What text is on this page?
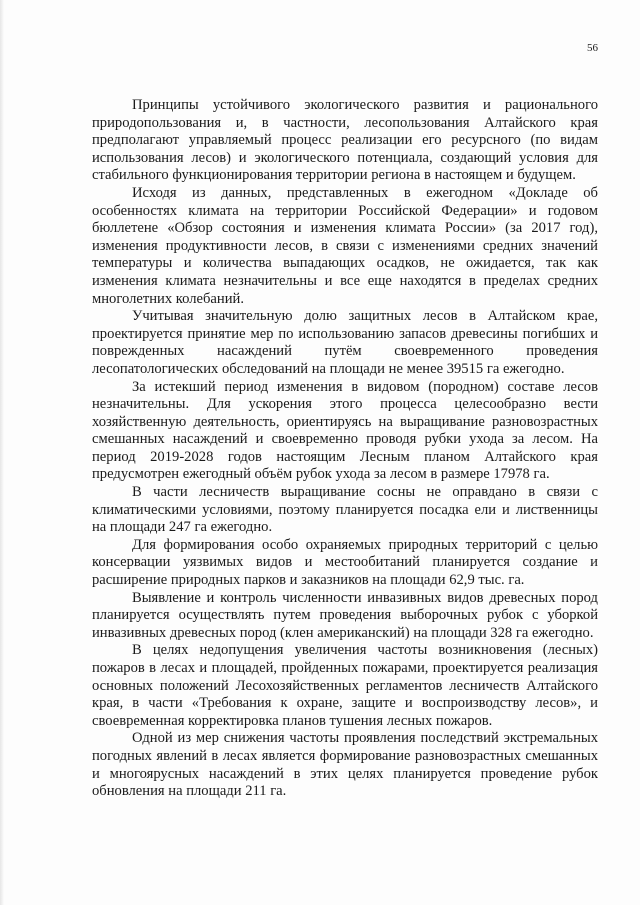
56

Принципы устойчивого экологического развития и рационального природопользования и, в частности, лесопользования Алтайского края предполагают управляемый процесс реализации его ресурсного (по видам использования лесов) и экологического потенциала, создающий условия для стабильного функционирования территории региона в настоящем и будущем.

Исходя из данных, представленных в ежегодном «Докладе об особенностях климата на территории Российской Федерации» и годовом бюллетене «Обзор состояния и изменения климата России» (за 2017 год), изменения продуктивности лесов, в связи с изменениями средних значений температуры и количества выпадающих осадков, не ожидается, так как изменения климата незначительны и все еще находятся в пределах средних многолетних колебаний.

Учитывая значительную долю защитных лесов в Алтайском крае, проектируется принятие мер по использованию запасов древесины погибших и поврежденных насаждений путём своевременного проведения лесопатологических обследований на площади не менее 39515 га ежегодно.

За истекший период изменения в видовом (породном) составе лесов незначительны. Для ускорения этого процесса целесообразно вести хозяйственную деятельность, ориентируясь на выращивание разновозрастных смешанных насаждений и своевременно проводя рубки ухода за лесом. На период 2019-2028 годов настоящим Лесным планом Алтайского края предусмотрен ежегодный объём рубок ухода за лесом в размере 17978 га.

В части лесничеств выращивание сосны не оправдано в связи с климатическими условиями, поэтому планируется посадка ели и лиственницы на площади 247 га ежегодно.

Для формирования особо охраняемых природных территорий с целью консервации уязвимых видов и местообитаний планируется создание и расширение природных парков и заказников на площади 62,9 тыс. га.

Выявление и контроль численности инвазивных видов древесных пород планируется осуществлять путем проведения выборочных рубок с уборкой инвазивных древесных пород (клен американский) на площади 328 га ежегодно.

В целях недопущения увеличения частоты возникновения (лесных) пожаров в лесах и площадей, пройденных пожарами, проектируется реализация основных положений Лесохозяйственных регламентов лесничеств Алтайского края, в части «Требования к охране, защите и воспроизводству лесов», и своевременная корректировка планов тушения лесных пожаров.

Одной из мер снижения частоты проявления последствий экстремальных погодных явлений в лесах является формирование разновозрастных смешанных и многоярусных насаждений в этих целях планируется проведение рубок обновления на площади 211 га.
